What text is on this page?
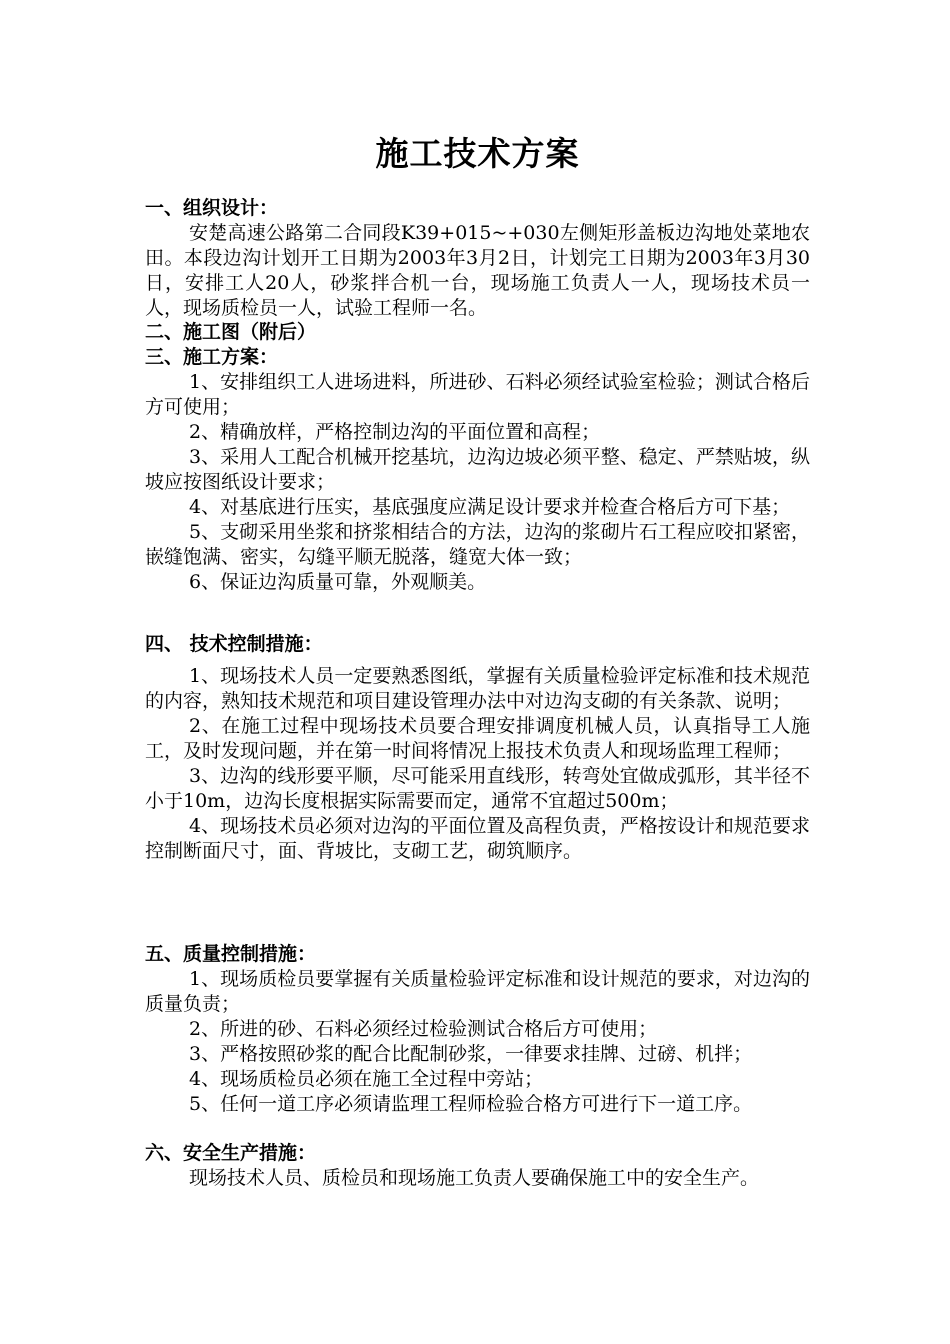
施工技术方案
一、组织设计：
安楚高速公路第二合同段K39+015~+030左侧矩形盖板边沟地处菜地农田。本段边沟计划开工日期为2003年3月2日，计划完工日期为2003年3月30日，安排工人20人，砂浆拌合机一台，现场施工负责人一人，现场技术员一人，现场质检员一人，试验工程师一名。
二、施工图（附后）
三、施工方案：
1、安排组织工人进场进料，所进砂、石料必须经试验室检验；测试合格后方可使用；
2、精确放样，严格控制边沟的平面位置和高程；
3、采用人工配合机械开挖基坑，边沟边坡必须平整、稳定、严禁贴坡，纵坡应按图纸设计要求；
4、对基底进行压实，基底强度应满足设计要求并检查合格后方可下基；
5、支砌采用坐浆和挤浆相结合的方法，边沟的浆砌片石工程应咬扣紧密，嵌缝饱满、密实，勾缝平顺无脱落，缝宽大体一致；
6、保证边沟质量可靠，外观顺美。
四、 技术控制措施：
1、现场技术人员一定要熟悉图纸，掌握有关质量检验评定标准和技术规范的内容，熟知技术规范和项目建设管理办法中对边沟支砌的有关条款、说明；
2、在施工过程中现场技术员要合理安排调度机械人员，认真指导工人施工，及时发现问题，并在第一时间将情况上报技术负责人和现场监理工程师；
3、边沟的线形要平顺，尽可能采用直线形，转弯处宜做成弧形，其半径不小于10m，边沟长度根据实际需要而定，通常不宜超过500m；
4、现场技术员必须对边沟的平面位置及高程负责，严格按设计和规范要求控制断面尺寸，面、背坡比，支砌工艺，砌筑顺序。
五、质量控制措施：
1、现场质检员要掌握有关质量检验评定标准和设计规范的要求，对边沟的质量负责；
2、所进的砂、石料必须经过检验测试合格后方可使用；
3、严格按照砂浆的配合比配制砂浆，一律要求挂牌、过磅、机拌；
4、现场质检员必须在施工全过程中旁站；
5、任何一道工序必须请监理工程师检验合格方可进行下一道工序。
六、安全生产措施：
现场技术人员、质检员和现场施工负责人要确保施工中的安全生产。
